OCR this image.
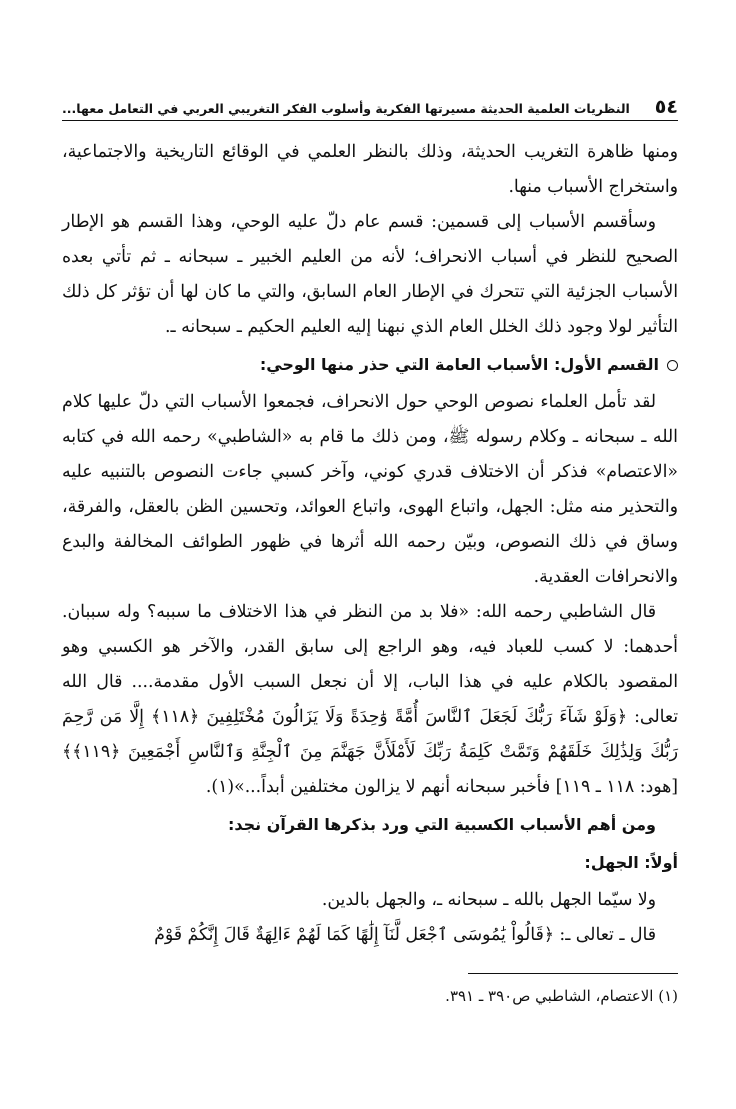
٥٤
النظريات العلمية الحديثة مسيرتها الفكرية وأسلوب الفكر التغريبي العربي في التعامل معها...

ومنها ظاهرة التغريب الحديثة، وذلك بالنظر العلمي في الوقائع التاريخية والاجتماعية، واستخراج الأسباب منها.

وسأقسم الأسباب إلى قسمين: قسم عام دلّ عليه الوحي، وهذا القسم هو الإطار الصحيح للنظر في أسباب الانحراف؛ لأنه من العليم الخبير ـ سبحانه ـ ثم تأتي بعده الأسباب الجزئية التي تتحرك في الإطار العام السابق، والتي ما كان لها أن تؤثر كل ذلك التأثير لولا وجود ذلك الخلل العام الذي نبهنا إليه العليم الحكيم ـ سبحانه ـ.

القسم الأول: الأسباب العامة التي حذر منها الوحي:

لقد تأمل العلماء نصوص الوحي حول الانحراف، فجمعوا الأسباب التي دلّ عليها كلام الله ـ سبحانه ـ وكلام رسوله ﷺ، ومن ذلك ما قام به «الشاطبي» رحمه الله في كتابه «الاعتصام» فذكر أن الاختلاف قدري كوني، وآخر كسبي جاءت النصوص بالتنبيه عليه والتحذير منه مثل: الجهل، واتباع الهوى، واتباع العوائد، وتحسين الظن بالعقل، والفرقة، وساق في ذلك النصوص، وبيّن رحمه الله أثرها في ظهور الطوائف المخالفة والبدع والانحرافات العقدية.

قال الشاطبي رحمه الله: «فلا بد من النظر في هذا الاختلاف ما سببه؟ وله سببان. أحدهما: لا كسب للعباد فيه، وهو الراجع إلى سابق القدر، والآخر هو الكسبي وهو المقصود بالكلام عليه في هذا الباب، إلا أن نجعل السبب الأول مقدمة.... قال الله تعالى: ﴿وَلَوْ شَآءَ رَبُّكَ لَجَعَلَ ٱلنَّاسَ أُمَّةً وَٰحِدَةً وَلَا يَزَالُونَ مُخْتَلِفِينَ ﴿١١٨﴾ إِلَّا مَن رَّحِمَ رَبُّكَ وَلِذَٰلِكَ خَلَقَهُمْ وَتَمَّتْ كَلِمَةُ رَبِّكَ لَأَمْلَأَنَّ جَهَنَّمَ مِنَ ٱلْجِنَّةِ وَٱلنَّاسِ أَجْمَعِينَ ﴿١١٩﴾﴾ [هود: ١١٨ ـ ١١٩] فأخبر سبحانه أنهم لا يزالون مختلفين أبداً...»(١).

ومن أهم الأسباب الكسبية التي ورد بذكرها القرآن نجد:
أولاً: الجهل:

ولا سيّما الجهل بالله ـ سبحانه ـ، والجهل بالدين.

قال ـ تعالى ـ: ﴿قَالُواْ يَٰمُوسَى ٱجْعَل لَّنَآ إِلَٰهًا كَمَا لَهُمْ ءَالِهَةٌ قَالَ إِنَّكُمْ قَوْمٌ

(١) الاعتصام، الشاطبي ص٣٩٠ ـ ٣٩١.
